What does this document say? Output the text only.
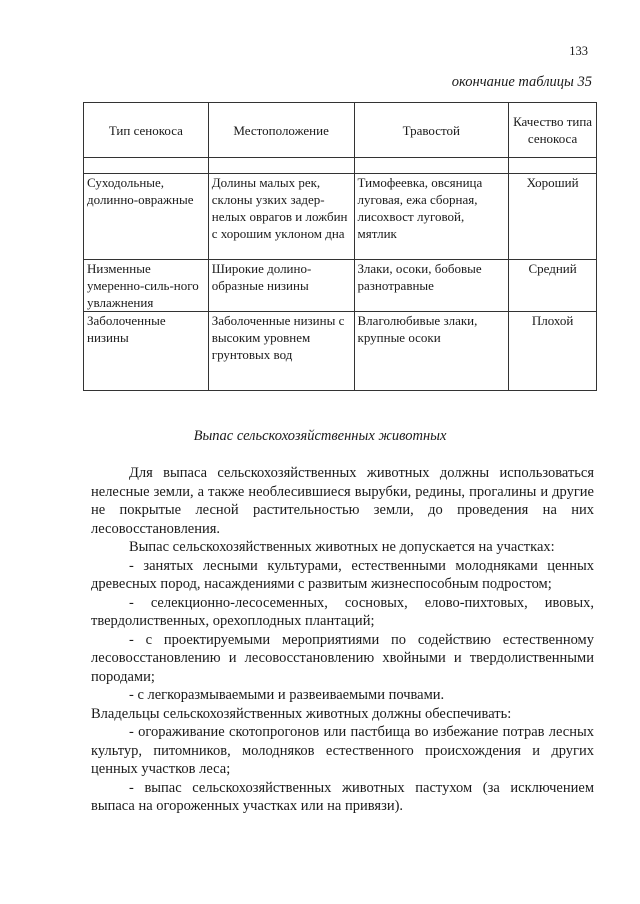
133
окончание таблицы 35
Тип сенокоса	Местоположение	Травостой	Качество типа сенокоса

Суходольные, долинно-овражные	Долины малых рек, склоны узких задер-нелых оврагов и ложбин с хорошим уклоном дна	Тимофеевка, овсяница луговая, ежа сборная, лисохвост луговой, мятлик	Хороший
Низменные умеренно-силь-ного увлажнения	Широкие долино-образные низины	Злаки, осоки, бобовые разнотравные	Средний
Заболоченные низины	Заболоченные низины с высоким уровнем грунтовых вод	Влаголюбивые злаки, крупные осоки	Плохой
Выпас сельскохозяйственных животных

Для выпаса сельскохозяйственных животных должны использоваться нелесные земли, а также необлесившиеся вырубки, редины, прогалины и другие не покрытые лесной растительностью земли, до проведения на них лесовосстановления.

Выпас сельскохозяйственных животных не допускается на участках:

- занятых лесными культурами, естественными молодняками ценных древесных пород, насаждениями с развитым жизнеспособным подростом;

- селекционно-лесосеменных, сосновых, елово-пихтовых, ивовых, твердолиственных, орехоплодных плантаций;

- с проектируемыми мероприятиями по содействию естественному лесовосстановлению и лесовосстановлению хвойными и твердолиственными породами;

- с легкоразмываемыми и развеиваемыми почвами.

Владельцы сельскохозяйственных животных должны обеспечивать:

- огораживание скотопрогонов или пастбища во избежание потрав лесных культур, питомников, молодняков естественного происхождения и других ценных участков леса;

- выпас сельскохозяйственных животных пастухом (за исключением выпаса на огороженных участках или на привязи).
